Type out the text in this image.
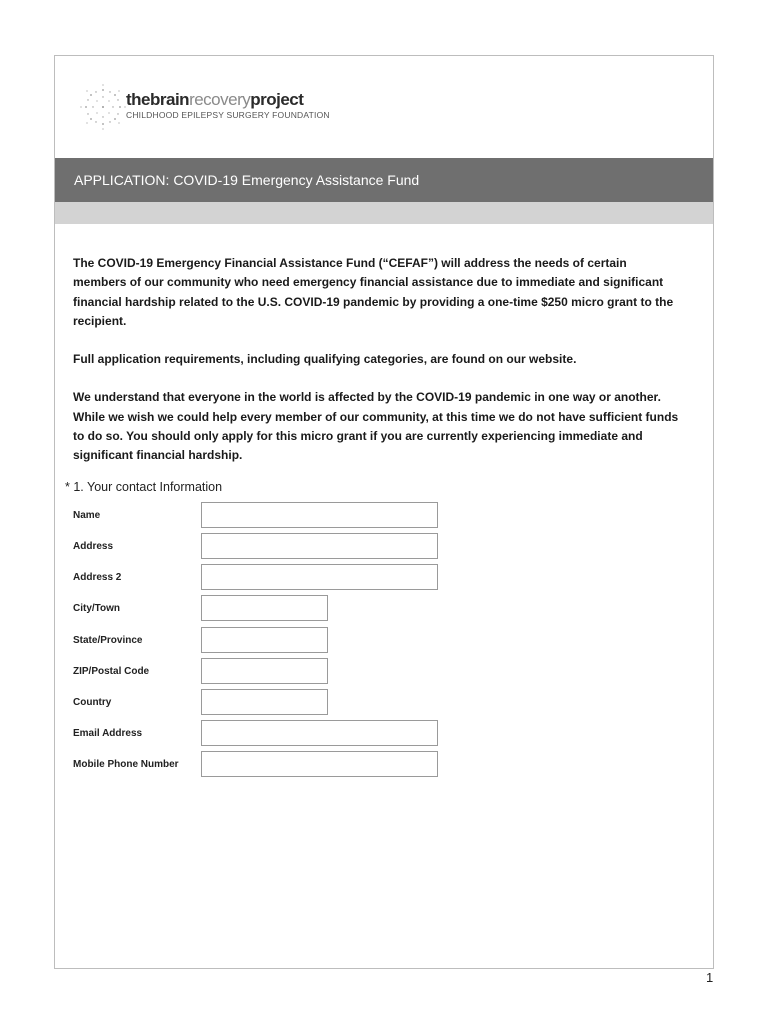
thebrainrecoveryproject
CHILDHOOD EPILEPSY SURGERY FOUNDATION
APPLICATION: COVID-19 Emergency Assistance Fund

The COVID-19 Emergency Financial Assistance Fund (“CEFAF”) will address the needs of certain members of our community who need emergency financial assistance due to immediate and significant financial hardship related to the U.S. COVID-19 pandemic by providing a one-time $250 micro grant to the recipient.

Full application requirements, including qualifying categories, are found on our website.

We understand that everyone in the world is affected by the COVID-19 pandemic in one way or another. While we wish we could help every member of our community, at this time we do not have sufficient funds to do so. You should only apply for this micro grant if you are currently experiencing immediate and significant financial hardship.

* 1. Your contact Information
Name
Address
Address 2
City/Town
State/Province
ZIP/Postal Code
Country
Email Address
Mobile Phone Number
1
